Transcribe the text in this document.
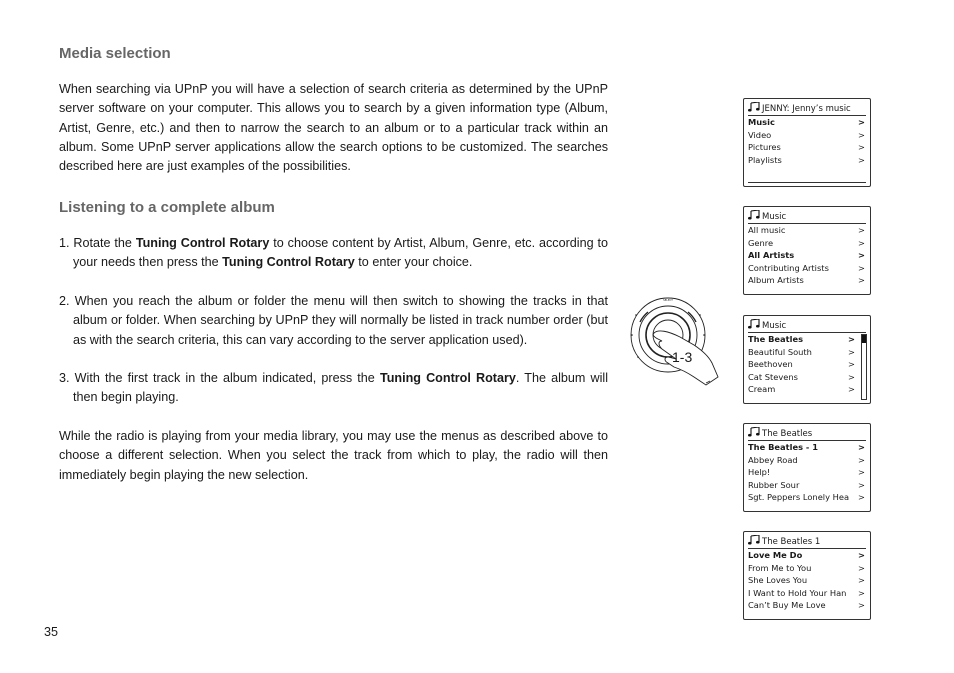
Media selection

When searching via UPnP you will have a selection of search criteria as determined by the UPnP server software on your computer. This allows you to search by a given information type (Album, Artist, Genre, etc.) and then to narrow the search to an album or to a particular track within an album. Some UPnP server applications allow the search options to be customized. The searches described here are just examples of the possibilities.

Listening to a complete album

1. Rotate the Tuning Control Rotary to choose content by Artist, Album, Genre, etc. according to your needs then press the Tuning Control Rotary to enter your choice.

2. When you reach the album or folder the menu will then switch to showing the tracks in that album or folder. When searching by UPnP they will normally be listed in track number order (but as with the search criteria, this can vary according to the server application used).

3. With the first track in the album indicated, press the Tuning Control Rotary. The album will then begin playing.

While the radio is playing from your media library, you may use the menus as described above to choose a different selection. When you select the track from which to play, the radio will then immediately begin playing the new selection.

35
SELECT
1-3
JENNY: Jenny’s music
Music	>
Video	>
Pictures	>
Playlists	>
Music
All music	>
Genre	>
All Artists	>
Contributing Artists	>
Album Artists	>
Music
The Beatles	>
Beautiful South	>
Beethoven	>
Cat Stevens	>
Cream	>
The Beatles
The Beatles - 1	>
Abbey Road	>
Help!	>
Rubber Sour	>
Sgt. Peppers Lonely Hea	>
The Beatles 1
Love Me Do	>
From Me to You	>
She Loves You	>
I Want to Hold Your Han	>
Can’t Buy Me Love	>
